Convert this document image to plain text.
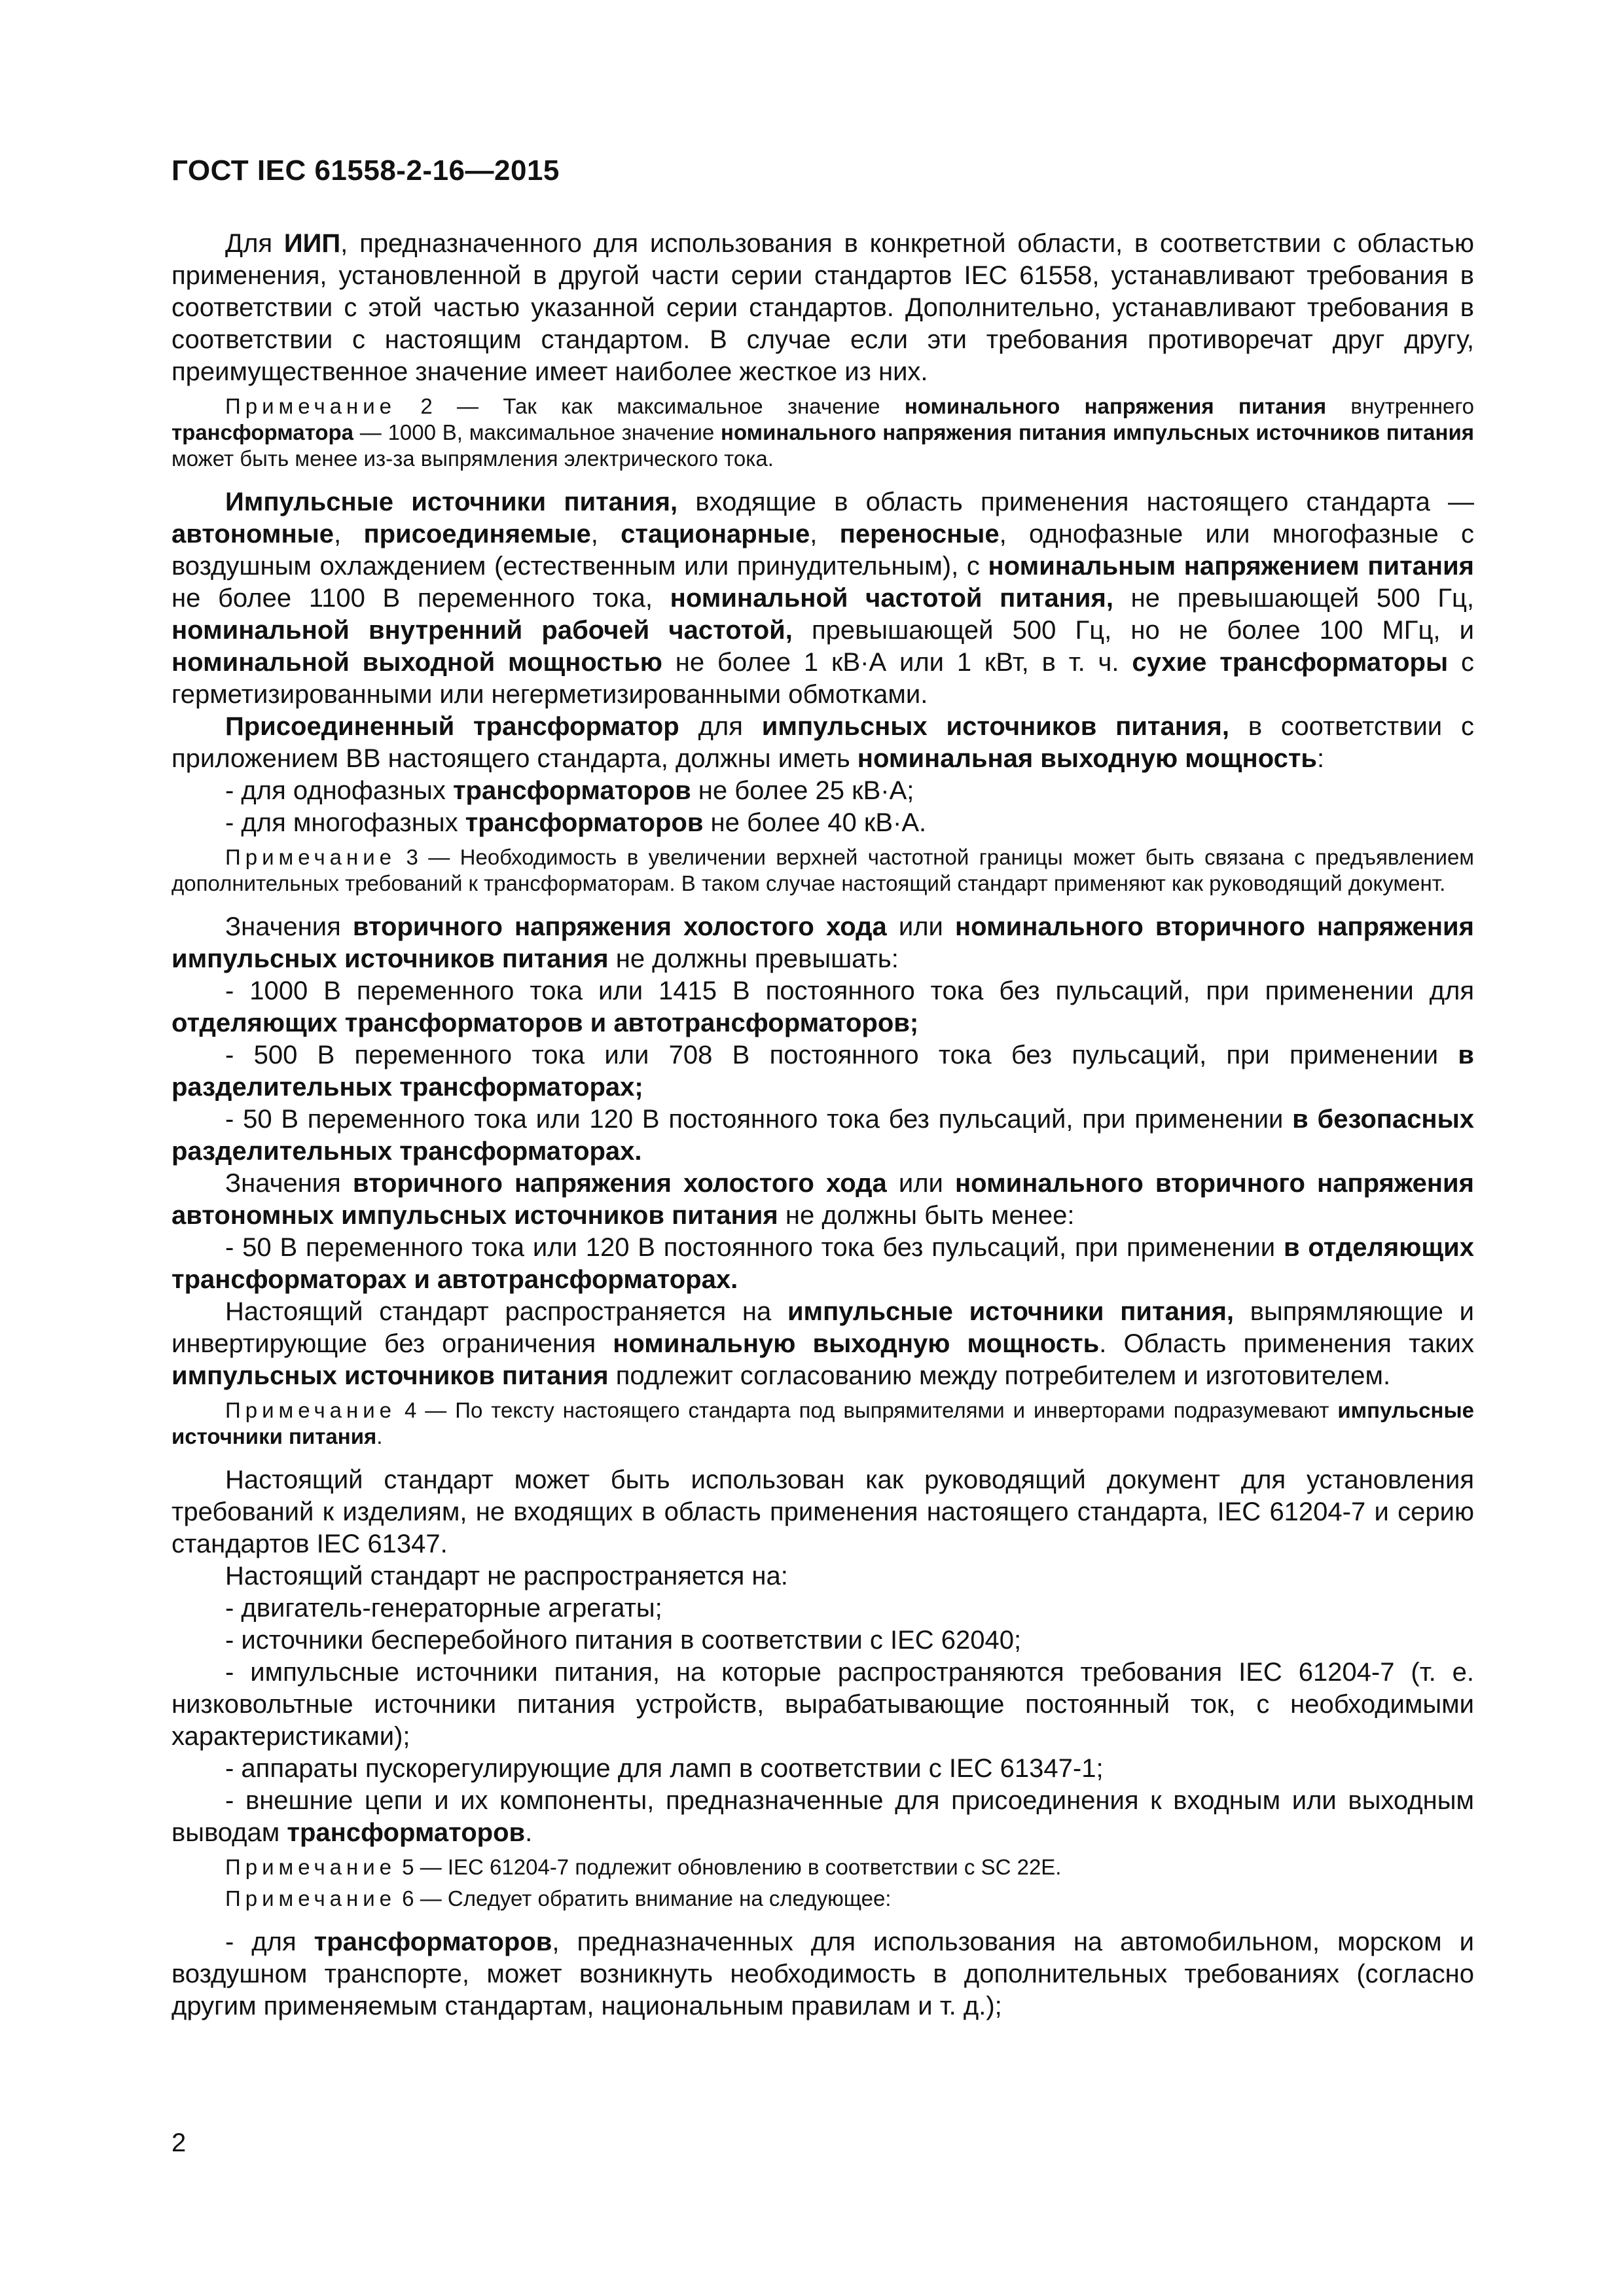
ГОСТ IEC 61558-2-16—2015

Для ИИП, предназначенного для использования в конкретной области, в соответствии с областью применения, установленной в другой части серии стандартов IEC 61558, устанавливают требования в соответствии с этой частью указанной серии стандартов. Дополнительно, устанавливают требования в соответствии с настоящим стандартом. В случае если эти требования противоречат друг другу, преимущественное значение имеет наиболее жесткое из них.

Примечание 2 — Так как максимальное значение номинального напряжения питания внутреннего трансформатора — 1000 В, максимальное значение номинального напряжения питания импульсных источников питания может быть менее из-за выпрямления электрического тока.

Импульсные источники питания, входящие в область применения настоящего стандарта — автономные, присоединяемые, стационарные, переносные, однофазные или многофазные с воздушным охлаждением (естественным или принудительным), с номинальным напряжением питания не более 1100 В переменного тока, номинальной частотой питания, не превышающей 500 Гц, номинальной внутренний рабочей частотой, превышающей 500 Гц, но не более 100 МГц, и номинальной выходной мощностью не более 1 кВ·А или 1 кВт, в т. ч. сухие трансформаторы с герметизированными или негерметизированными обмотками.

Присоединенный трансформатор для импульсных источников питания, в соответствии с приложением ВВ настоящего стандарта, должны иметь номинальная выходную мощность:

- для однофазных трансформаторов не более 25 кВ·А;

- для многофазных трансформаторов не более 40 кВ·А.

Примечание 3 — Необходимость в увеличении верхней частотной границы может быть связана с предъявлением дополнительных требований к трансформаторам. В таком случае настоящий стандарт применяют как руководящий документ.

Значения вторичного напряжения холостого хода или номинального вторичного напряжения импульсных источников питания не должны превышать:

- 1000 В переменного тока или 1415 В постоянного тока без пульсаций, при применении для отделяющих трансформаторов и автотрансформаторов;

- 500 В переменного тока или 708 В постоянного тока без пульсаций, при применении в разделительных трансформаторах;

- 50 В переменного тока или 120 В постоянного тока без пульсаций, при применении в безопасных разделительных трансформаторах.

Значения вторичного напряжения холостого хода или номинального вторичного напряжения автономных импульсных источников питания не должны быть менее:

- 50 В переменного тока или 120 В постоянного тока без пульсаций, при применении в отделяющих трансформаторах и автотрансформаторах.

Настоящий стандарт распространяется на импульсные источники питания, выпрямляющие и инвертирующие без ограничения номинальную выходную мощность. Область применения таких импульсных источников питания подлежит согласованию между потребителем и изготовителем.

Примечание 4 — По тексту настоящего стандарта под выпрямителями и инверторами подразумевают импульсные источники питания.

Настоящий стандарт может быть использован как руководящий документ для установления требований к изделиям, не входящих в область применения настоящего стандарта, IEC 61204-7 и серию стандартов IEC 61347.

Настоящий стандарт не распространяется на:

- двигатель-генераторные агрегаты;

- источники бесперебойного питания в соответствии с IEC 62040;

- импульсные источники питания, на которые распространяются требования IEC 61204-7 (т. е. низковольтные источники питания устройств, вырабатывающие постоянный ток, с необходимыми характеристиками);

- аппараты пускорегулирующие для ламп в соответствии с IEC 61347-1;

- внешние цепи и их компоненты, предназначенные для присоединения к входным или выходным выводам трансформаторов.

Примечание 5 — IEC 61204-7 подлежит обновлению в соответствии с SC 22E.

Примечание 6 — Следует обратить внимание на следующее:

- для трансформаторов, предназначенных для использования на автомобильном, морском и воздушном транспорте, может возникнуть необходимость в дополнительных требованиях (согласно другим применяемым стандартам, национальным правилам и т. д.);

2
